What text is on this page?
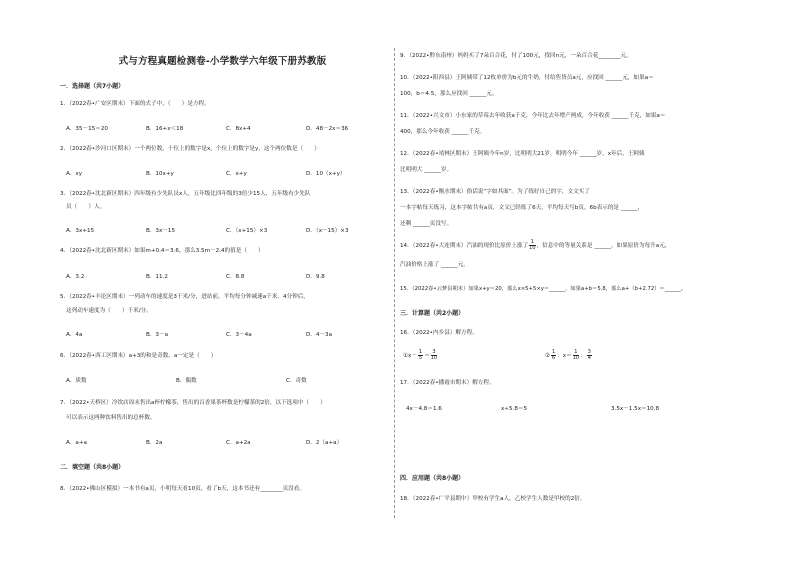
式与方程真题检测卷-小学数学六年级下册苏教版
一．选择题（共7小题）
1．（2022春•广安区期末）下面的式子中，（　　）是方程。
A．35－15＝20	B．16+x＜18	C．8x+4	D．48－2x＝36
2．（2022春•沙河口区期末）一个两位数，十位上的数字是x，个位上的数字是y，这个两位数是（　　）
A．xy	B．10x+y	C．x+y	D．10（x+y）
3．（2022春•沈北新区期末）四年级有少先队员x人，五年级比四年级的3倍少15人，五年级有少先队
员（　　）人。
A．3x+15	B．3x－15	C．（x+15）×3	D．（x－15）×3
4．（2022春•沈北新区期末）如果m+0.4＝3.6，那么3.5m－2.4的值是（　　）
A．3.2	B．11.2	C．8.8	D．9.8
5．（2022春•丰论区期末）一列动车的速度是3千米/分，进站前，平均每分钟减速a千米。4分钟后，
这列动车速度为（　　）千米/分。
A．4a	B．3－a	C．3－4a	D．4－3a
6．（2022春•西工区期末）a+3的和是奇数，a一定是（　　）
A．质数	B．偶数	C．奇数
7．（2022•天桥区）冷饮店周末售出a杯柠檬茶，售出的百香果茶杯数是柠檬茶的2倍，以下选项中（　　）
可以表示这两种饮料售出的总杯数。
A．a+a	B．2a	C．a+2a	D．2（a+a）
二．填空题（共8小题）
8．（2022•佛山区模拟）一本书有a页，小明每天看10页，看了b天，这本书还有________页没看。
9．（2022•黔东南州）妈妈买了7朵百合花，付了100元，找回n元，一朵百合花________元。
10．（2022•阳西县）王阿姨带了12枚单价为b元的牛奶，付给售货员a元，应找回 ______元，如果a＝
100，b＝4.5，那么应找回 ______元。
11．（2022•兴文市）小东家的草莓去年收获a千克，今年比去年增产两成，今年收获 ______千克，如果a＝
400，那么今年收获 ______千克。
12．（2022春•靖林区期末）王阿姨今年n岁，比明明大21岁，明明今年 ______岁，x年后，王阿姨
比明明大 ______岁。
13．（2022春•衡水期末）俗话说“字如其面”。为了练好自己的字，文文买了
一本字帖每天练习，这本字帖共有a页，文文已经练了6天，平均每天写b页。6b表示的是 ______，
还剩 ______页没写。
14．（2022春•大连期末）汽油的现价比原价上涨了 $\frac{1}{10}$ ，信息中的等量关系是 ______，如果原价为每升a元，
汽油价格上涨了 ______元。
15．（2022春•云梦县期末）如果x+y＝20，那么x×5+5×y＝______，如果a+b＝5.8，那么a+（b+2.72）＝______。
三．计算题（共2小题）
16．（2022•内乡县）解方程。
①x－ $\frac{1}{5} = \frac{3}{10}$	② $\frac{1}{6}$ ：$x= \frac{1}{10}$ ： $\frac{3}{4}$
17．（2022春•播霞市期末）解方程。
4x－4.8＝1.6	x÷5.8＝5	3.5x－1.5x＝10.8
四．应用题（共8小题）
18．（2022春•广平县期中）甲校有学生a人，乙校学生人数是甲校的2倍。
